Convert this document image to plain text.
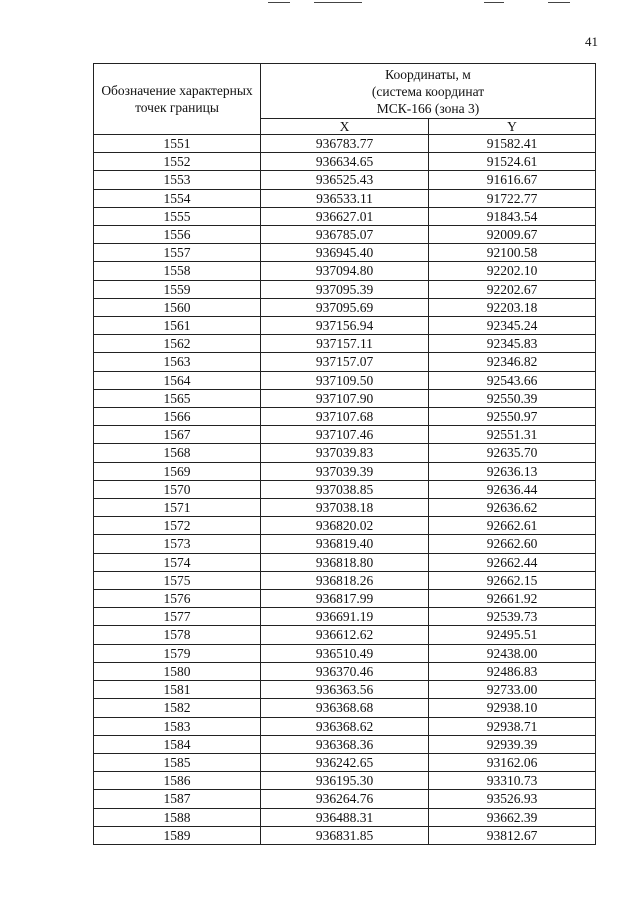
41
Обозначение характерных точек границы	Координаты, м
(система координат
МСК-166 (зона 3)	

	X	Y
1551	936783.77	91582.41
1552	936634.65	91524.61
1553	936525.43	91616.67
1554	936533.11	91722.77
1555	936627.01	91843.54
1556	936785.07	92009.67
1557	936945.40	92100.58
1558	937094.80	92202.10
1559	937095.39	92202.67
1560	937095.69	92203.18
1561	937156.94	92345.24
1562	937157.11	92345.83
1563	937157.07	92346.82
1564	937109.50	92543.66
1565	937107.90	92550.39
1566	937107.68	92550.97
1567	937107.46	92551.31
1568	937039.83	92635.70
1569	937039.39	92636.13
1570	937038.85	92636.44
1571	937038.18	92636.62
1572	936820.02	92662.61
1573	936819.40	92662.60
1574	936818.80	92662.44
1575	936818.26	92662.15
1576	936817.99	92661.92
1577	936691.19	92539.73
1578	936612.62	92495.51
1579	936510.49	92438.00
1580	936370.46	92486.83
1581	936363.56	92733.00
1582	936368.68	92938.10
1583	936368.62	92938.71
1584	936368.36	92939.39
1585	936242.65	93162.06
1586	936195.30	93310.73
1587	936264.76	93526.93
1588	936488.31	93662.39
1589	936831.85	93812.67
